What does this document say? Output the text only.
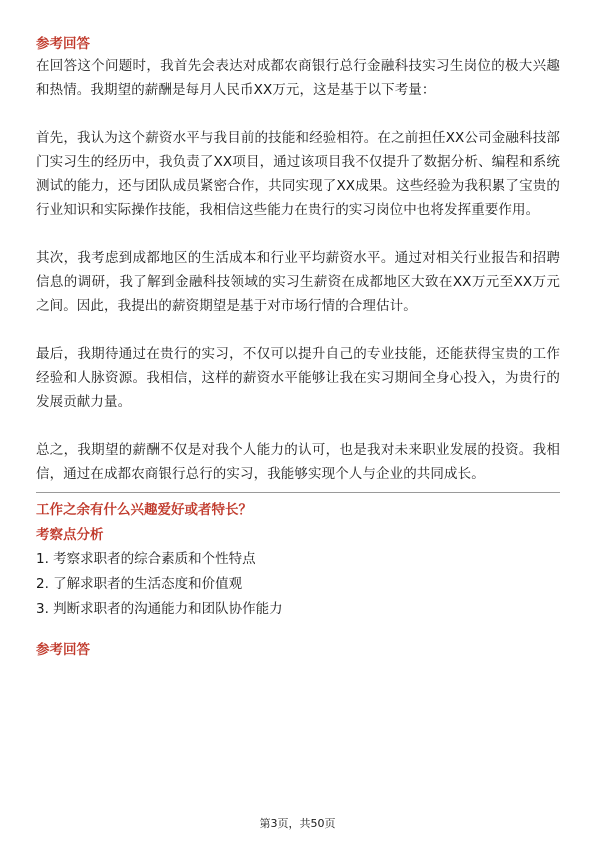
参考回答

在回答这个问题时，我首先会表达对成都农商银行总行金融科技实习生岗位的极大兴趣和热情。我期望的薪酬是每月人民币XX万元，这是基于以下考量：

首先，我认为这个薪资水平与我目前的技能和经验相符。在之前担任XX公司金融科技部门实习生的经历中，我负责了XX项目，通过该项目我不仅提升了数据分析、编程和系统测试的能力，还与团队成员紧密合作，共同实现了XX成果。这些经验为我积累了宝贵的行业知识和实际操作技能，我相信这些能力在贵行的实习岗位中也将发挥重要作用。

其次，我考虑到成都地区的生活成本和行业平均薪资水平。通过对相关行业报告和招聘信息的调研，我了解到金融科技领域的实习生薪资在成都地区大致在XX万元至XX万元之间。因此，我提出的薪资期望是基于对市场行情的合理估计。

最后，我期待通过在贵行的实习，不仅可以提升自己的专业技能，还能获得宝贵的工作经验和人脉资源。我相信，这样的薪资水平能够让我在实习期间全身心投入，为贵行的发展贡献力量。

总之，我期望的薪酬不仅是对我个人能力的认可，也是我对未来职业发展的投资。我相信，通过在成都农商银行总行的实习，我能够实现个人与企业的共同成长。

工作之余有什么兴趣爱好或者特长？

考察点分析

1. 考察求职者的综合素质和个性特点
2. 了解求职者的生活态度和价值观
3. 判断求职者的沟通能力和团队协作能力

参考回答

第3页，共50页
